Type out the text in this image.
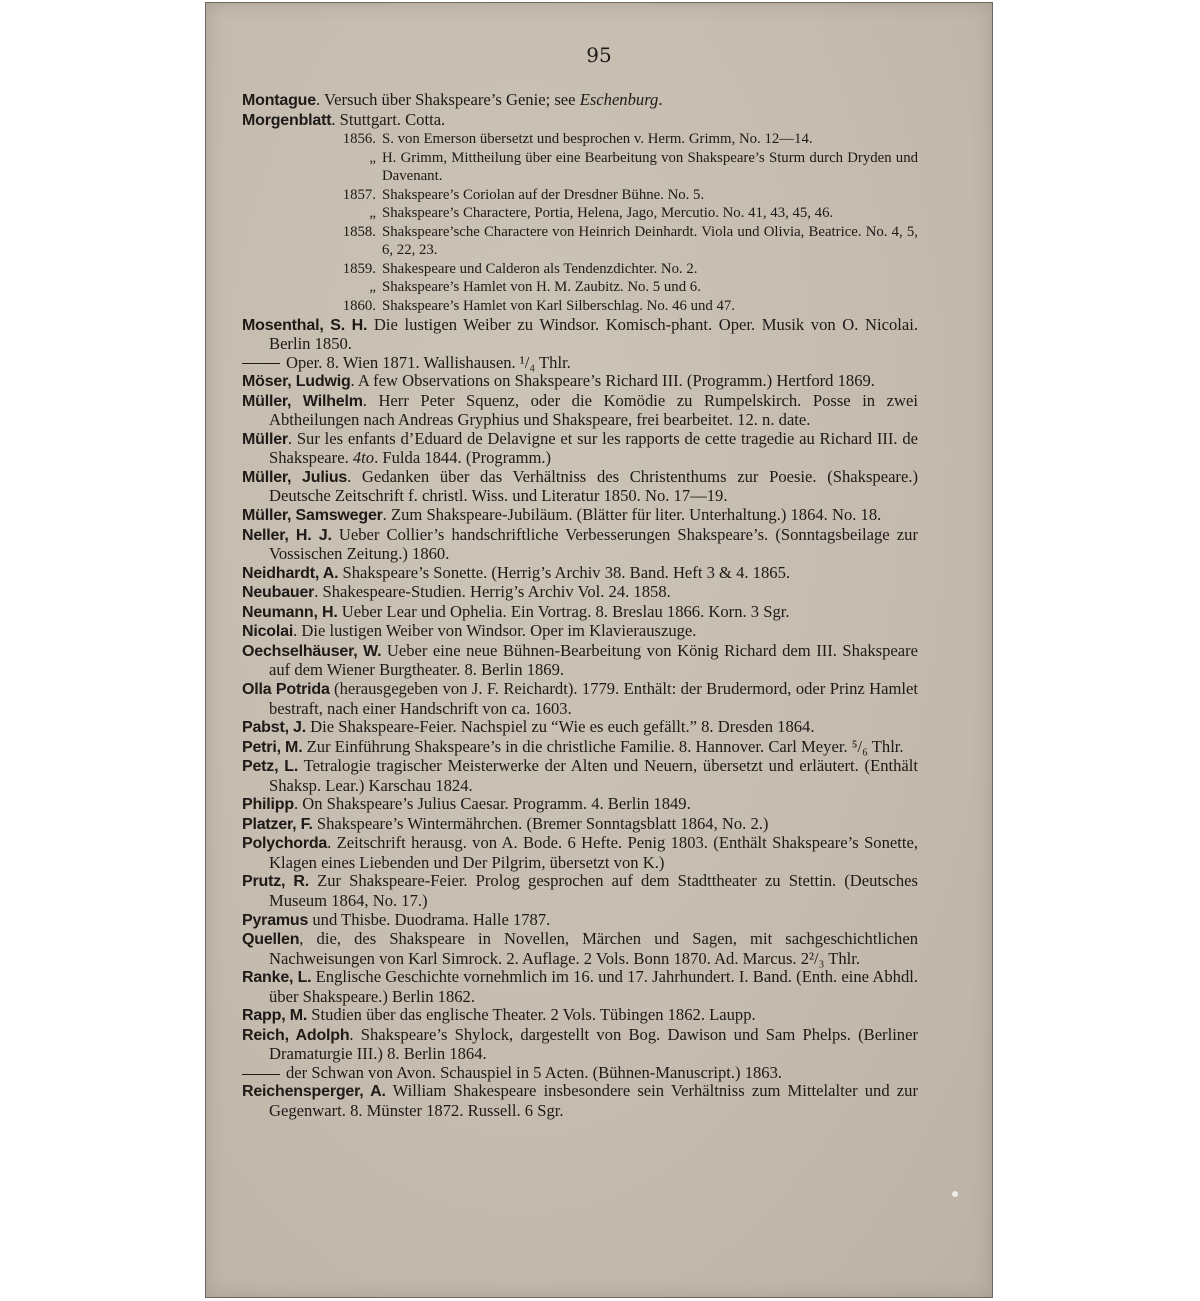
95
Montague. Versuch über Shakspeare’s Genie; see Eschenburg.
Morgenblatt. Stuttgart. Cotta.
1856. S. von Emerson übersetzt und besprochen v. Herm. Grimm, No. 12—14.
„ H. Grimm, Mittheilung über eine Bearbeitung von Shakspeare’s Sturm durch Dryden und Davenant.
1857. Shakspeare’s Coriolan auf der Dresdner Bühne. No. 5.
„ Shakspeare’s Charactere, Portia, Helena, Jago, Mercutio. No. 41, 43, 45, 46.
1858. Shakspeare’sche Charactere von Heinrich Deinhardt. Viola und Olivia, Beatrice. No. 4, 5, 6, 22, 23.
1859. Shakespeare und Calderon als Tendenzdichter. No. 2.
„ Shakspeare’s Hamlet von H. M. Zaubitz. No. 5 und 6.
1860. Shakspeare’s Hamlet von Karl Silberschlag. No. 46 und 47.
Mosenthal, S. H. Die lustigen Weiber zu Windsor. Komisch-phant. Oper. Musik von O. Nicolai. Berlin 1850.
Oper. 8. Wien 1871. Wallishausen. ¹/₄ Thlr.
Möser, Ludwig. A few Observations on Shakspeare’s Richard III. (Programm.) Hertford 1869.
Müller, Wilhelm. Herr Peter Squenz, oder die Komödie zu Rumpelskirch. Posse in zwei Abtheilungen nach Andreas Gryphius und Shakspeare, frei bearbeitet. 12. n. date.
Müller. Sur les enfants d’Eduard de Delavigne et sur les rapports de cette tragedie au Richard III. de Shakspeare. 4to. Fulda 1844. (Programm.)
Müller, Julius. Gedanken über das Verhältniss des Christenthums zur Poesie. (Shakspeare.) Deutsche Zeitschrift f. christl. Wiss. und Literatur 1850. No. 17—19.
Müller, Samsweger. Zum Shakspeare-Jubiläum. (Blätter für liter. Unterhaltung.) 1864. No. 18.
Neller, H. J. Ueber Collier’s handschriftliche Verbesserungen Shakspeare’s. (Sonntagsbeilage zur Vossischen Zeitung.) 1860.
Neidhardt, A. Shakspeare’s Sonette. (Herrig’s Archiv 38. Band. Heft 3 & 4. 1865.
Neubauer. Shakespeare-Studien. Herrig’s Archiv Vol. 24. 1858.
Neumann, H. Ueber Lear und Ophelia. Ein Vortrag. 8. Breslau 1866. Korn. 3 Sgr.
Nicolai. Die lustigen Weiber von Windsor. Oper im Klavierauszuge.
Oechselhäuser, W. Ueber eine neue Bühnen-Bearbeitung von König Richard dem III. Shakspeare auf dem Wiener Burgtheater. 8. Berlin 1869.
Olla Potrida (herausgegeben von J. F. Reichardt). 1779. Enthält: der Brudermord, oder Prinz Hamlet bestraft, nach einer Handschrift von ca. 1603.
Pabst, J. Die Shakspeare-Feier. Nachspiel zu “Wie es euch gefällt.” 8. Dresden 1864.
Petri, M. Zur Einführung Shakspeare’s in die christliche Familie. 8. Hannover. Carl Meyer. ⁵/₆ Thlr.
Petz, L. Tetralogie tragischer Meisterwerke der Alten und Neuern, übersetzt und erläutert. (Enthält Shaksp. Lear.) Karschau 1824.
Philipp. On Shakspeare’s Julius Caesar. Programm. 4. Berlin 1849.
Platzer, F. Shakspeare’s Wintermährchen. (Bremer Sonntagsblatt 1864, No. 2.)
Polychorda. Zeitschrift herausg. von A. Bode. 6 Hefte. Penig 1803. (Enthält Shakspeare’s Sonette, Klagen eines Liebenden und Der Pilgrim, übersetzt von K.)
Prutz, R. Zur Shakspeare-Feier. Prolog gesprochen auf dem Stadttheater zu Stettin. (Deutsches Museum 1864, No. 17.)
Pyramus und Thisbe. Duodrama. Halle 1787.
Quellen, die, des Shakspeare in Novellen, Märchen und Sagen, mit sachgeschichtlichen Nachweisungen von Karl Simrock. 2. Auflage. 2 Vols. Bonn 1870. Ad. Marcus. 2²/₃ Thlr.
Ranke, L. Englische Geschichte vornehmlich im 16. und 17. Jahrhundert. I. Band. (Enth. eine Abhdl. über Shakspeare.) Berlin 1862.
Rapp, M. Studien über das englische Theater. 2 Vols. Tübingen 1862. Laupp.
Reich, Adolph. Shakspeare’s Shylock, dargestellt von Bog. Dawison und Sam Phelps. (Berliner Dramaturgie III.) 8. Berlin 1864.
der Schwan von Avon. Schauspiel in 5 Acten. (Bühnen-Manuscript.) 1863.
Reichensperger, A. William Shakespeare insbesondere sein Verhältniss zum Mittelalter und zur Gegenwart. 8. Münster 1872. Russell. 6 Sgr.
